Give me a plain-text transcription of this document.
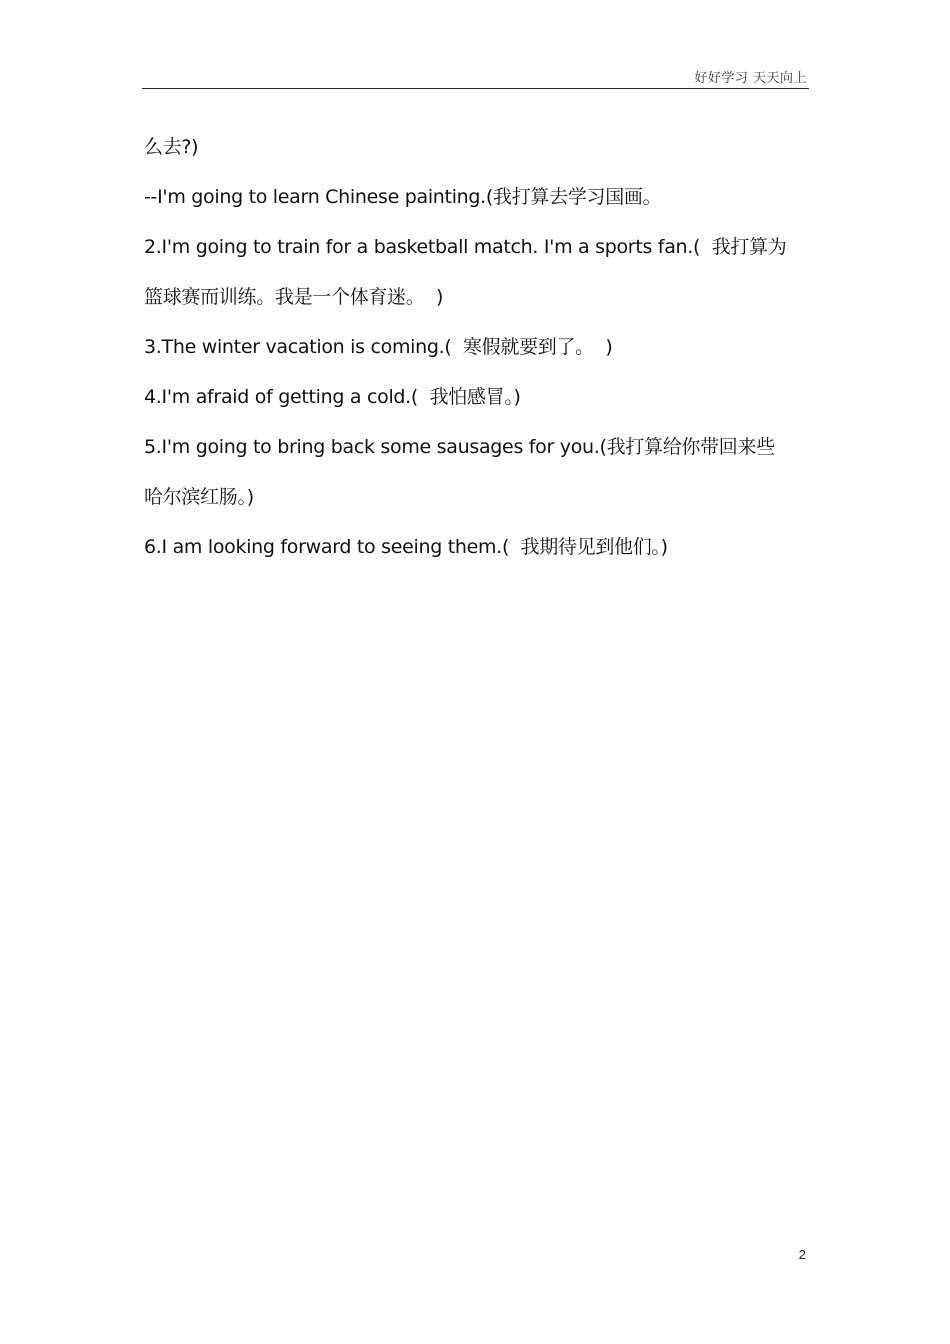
好好学习 天天向上
么去?)
--I'm going to learn Chinese painting.(我打算去学习国画。
2.I'm going to train for a basketball match. I'm a sports fan.(  我打算为
篮球赛而训练。我是一个体育迷。  )
3.The winter vacation is coming.(  寒假就要到了。  )
4.I'm afraid of getting a cold.(  我怕感冒。)
5.I'm going to bring back some sausages for you.(我打算给你带回来些
哈尔滨红肠。)
6.I am looking forward to seeing them.(  我期待见到他们。)
2
